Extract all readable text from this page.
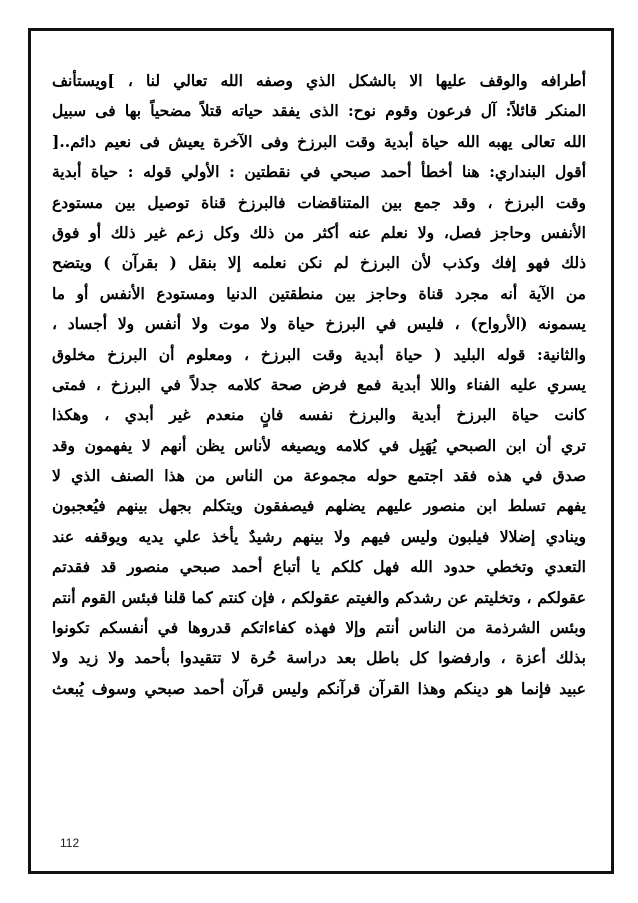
أطرافه والوقف عليها الا بالشكل الذي وصفه الله تعالي لنا ، ]ويستأنف
المنكر قائلاً: آل فرعون وقوم نوح: الذى يفقد حياته قتلاً مضحياً بها فى سبيل
الله تعالى يهبه الله حياة أبدية وقت البرزخ وفى الآخرة يعيش فى نعيم دائم..[
أقول البنداري: هنا أخطأ أحمد صبحي في نقطتين : الأولي قوله : حياة أبدية
وقت البرزخ ، وقد جمع بين المتناقضات فالبرزخ قناة توصيل بين مستودع
الأنفس وحاجز فصل، ولا نعلم عنه أكثر من ذلك وكل زعم غير ذلك أو فوق
ذلك فهو إفك وكذب لأن البرزخ لم نكن نعلمه إلا بنقل ( بقرآن ) ويتضح
من الآية أنه مجرد قناة وحاجز بين منطقتين الدنيا ومستودع الأنفس أو ما
يسمونه (الأرواح) ، فليس في البرزخ حياة ولا موت ولا أنفس ولا أجساد ،
والثانية: قوله البليد ( حياة أبدية وقت البرزخ ، ومعلوم أن البرزخ مخلوق
يسري عليه الفناء واللا أبدية فمع فرض صحة كلامه جدلاً في البرزخ ، فمتى
كانت حياة البرزخ أبدية والبرزخ نفسه فانٍ منعدم غير أبدي ، وهكذا
تري أن ابن الصبحي يُهَبِل في كلامه ويصيغه لأناس يظن أنهم لا يفهمون وقد
صدق في هذه فقد اجتمع حوله مجموعة من الناس من هذا الصنف الذي لا
يفهم تسلط ابن منصور عليهم يضلهم فيصفقون ويتكلم بجهل بينهم فيُعجبون
وينادي إضلالا فيلبون وليس فيهم ولا بينهم رشيدٌ يأخذ علي يديه ويوقفه عند
التعدي وتخطي حدود الله فهل كلكم يا أتباع أحمد صبحي منصور قد فقدتم
عقولكم ، وتخليتم عن رشدكم والغيتم عقولكم ، فإن كنتم كما قلنا فبئس القوم أنتم
وبئس الشرذمة من الناس أنتم وإلا فهذه كفاءاتكم قدروها في أنفسكم تكونوا
بذلك أعزة ، وارفضوا كل باطل بعد دراسة حُرة لا تتقيدوا بأحمد ولا زيد ولا
عبيد فإنما هو دينكم وهذا القرآن قرآنكم وليس قرآن أحمد صبحي وسوف يُبعث
112
